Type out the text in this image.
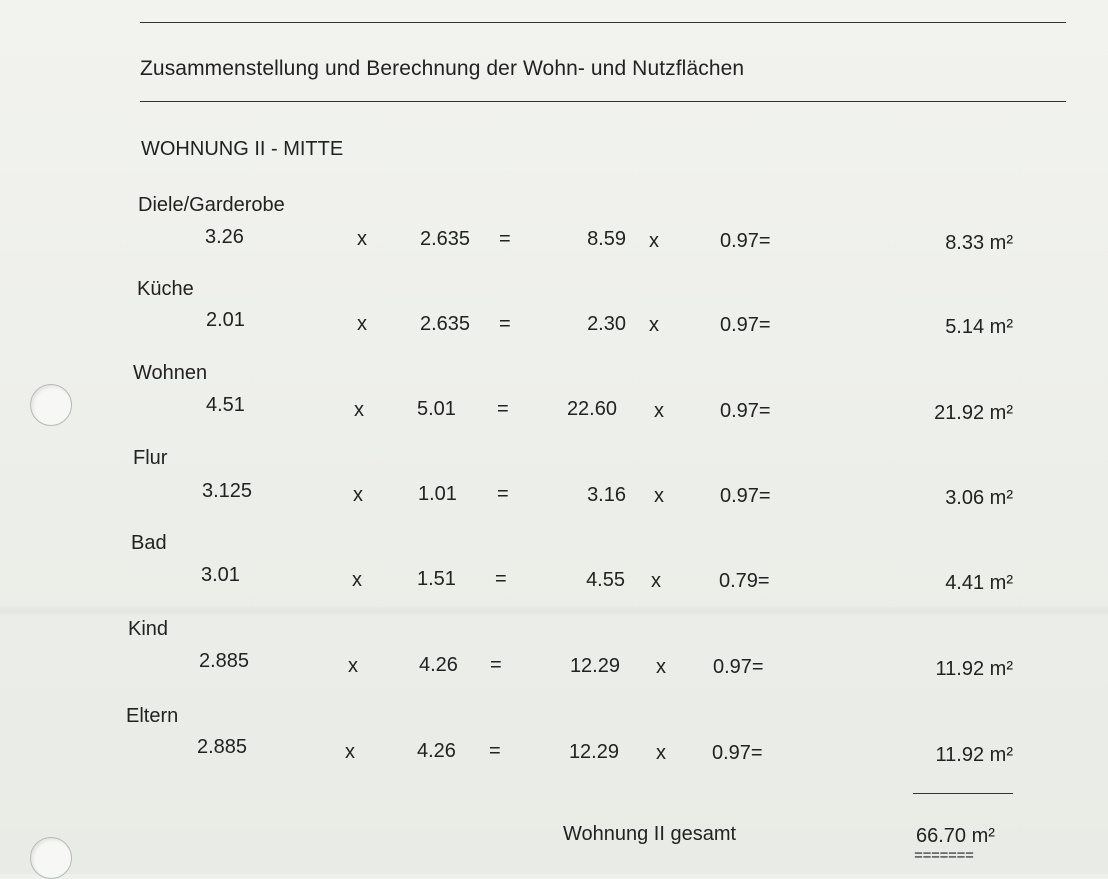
Zusammenstellung und Berechnung der Wohn- und Nutzflächen
WOHNUNG II - MITTE
Diele/Garderobe
3.26	x	2.635 =	8.59 x	0.97=	8.33 m²
Küche
2.01	x	2.635 =	2.30 x	0.97=	5.14 m²
Wohnen
4.51	x	5.01 =	22.60 x	0.97=	21.92 m²
Flur
3.125	x	1.01 =	3.16 x	0.97=	3.06 m²
Bad
3.01	x	1.51 =	4.55 x	0.79=	4.41 m²
Kind
2.885	x	4.26 =	12.29 x 0.97=	11.92 m²
Eltern
2.885	x	4.26 =	12.29 x 0.97=	11.92 m²
Wohnung II gesamt	66.70 m²
=======
